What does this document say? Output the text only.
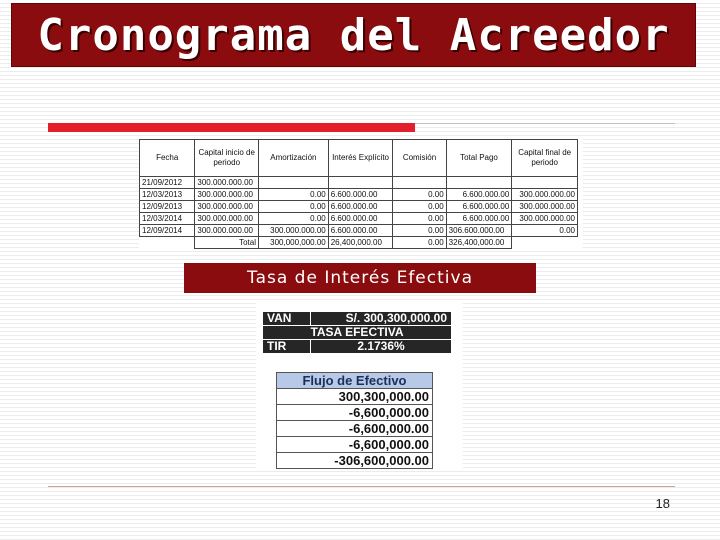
Cronograma del Acreedor
Fecha	Capital inicio de periodo	Amortización	Interés Explícito	Comisión	Total Pago	Capital final de periodo
21/09/2012	300.000.000.00					
12/03/2013	300.000.000.00	0.00	6.600.000.00	0.00	6.600.000.00	300.000.000.00
12/09/2013	300.000.000.00	0.00	6.600.000.00	0.00	6.600.000.00	300.000.000.00
12/03/2014	300.000.000.00	0.00	6.600.000.00	0.00	6.600.000.00	300.000.000.00
12/09/2014	300.000.000.00	300.000.000.00	6.600.000.00	0.00	306.600.000.00	0.00
	Total	300,000,000.00	26,400,000.00	0.00	326,400,000.00	
Tasa de Interés Efectiva
VAN	S/. 300,300,000.00
TASA EFECTIVA	
TIR	2.1736%
Flujo de Efectivo
300,300,000.00
-6,600,000.00
-6,600,000.00
-6,600,000.00
-306,600,000.00
18
